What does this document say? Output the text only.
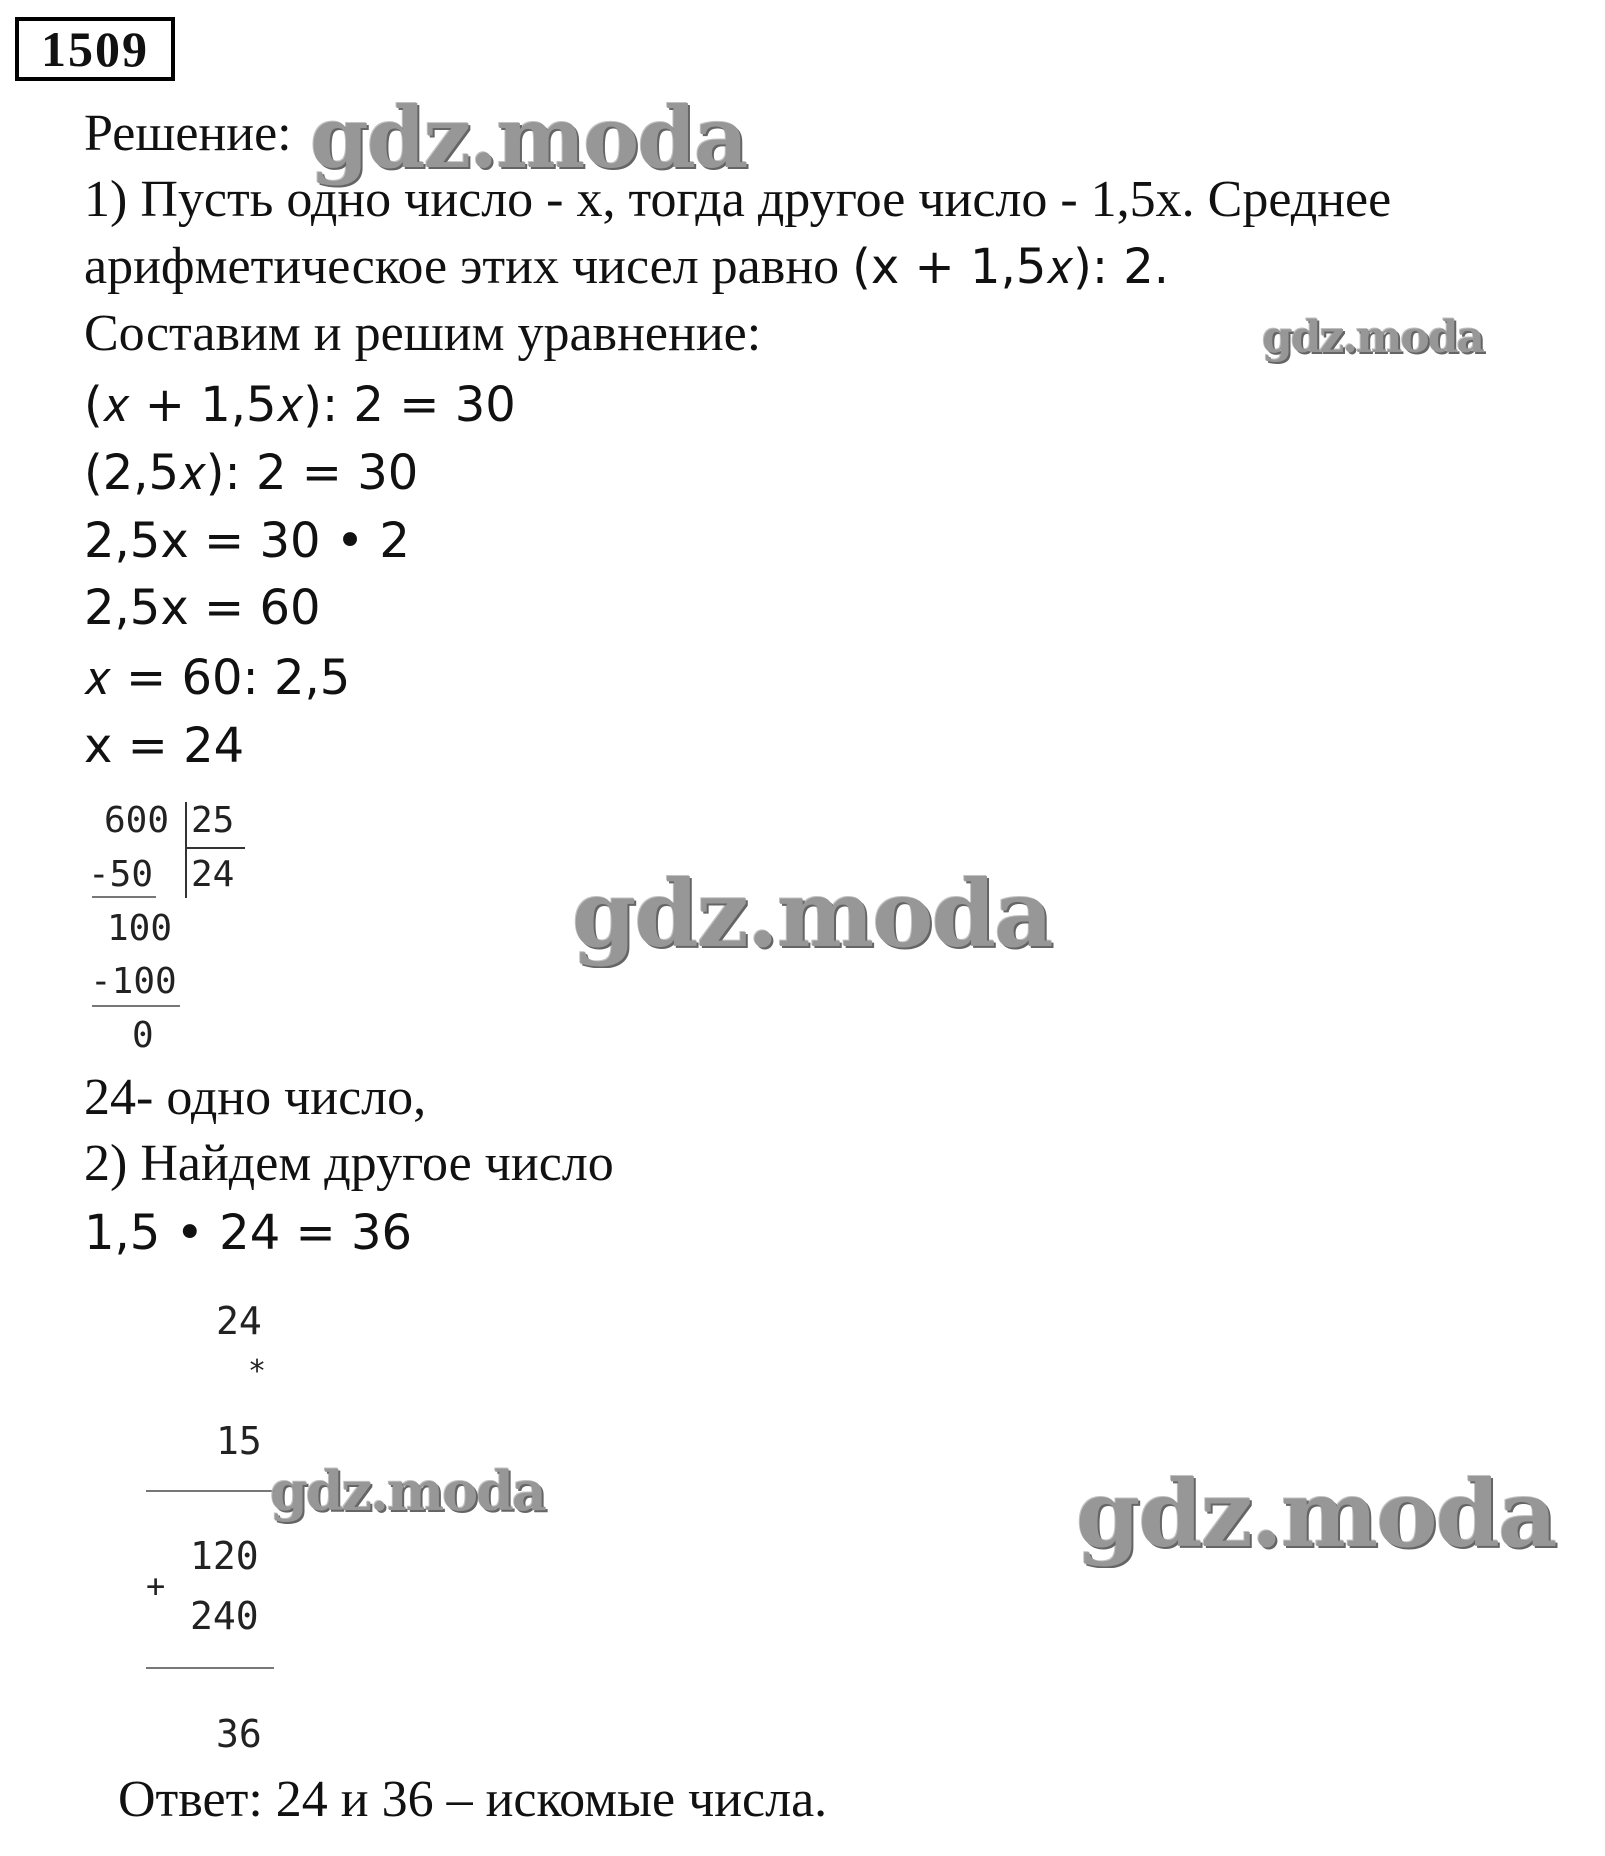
1509
Решение:
1) Пусть одно число - x, тогда другое число - 1,5x. Среднее
арифметическое этих чисел равно (x + 1,5𝑥): 2.
Составим и решим уравнение:
(𝑥 + 1,5𝑥): 2 = 30
(2,5𝑥): 2 = 30
2,5x = 30 • 2
2,5x = 60
𝑥 = 60: 2,5
x = 24
600 25
-50 24
100
-100
0
24- одно число,
2) Найдем другое число
1,5 • 24 = 36
24
*
15
120
+
240
36
Ответ: 24 и 36 – искомые числа.
gdz.moda
gdz.moda
gdz.moda
gdz.moda	gdz.moda
